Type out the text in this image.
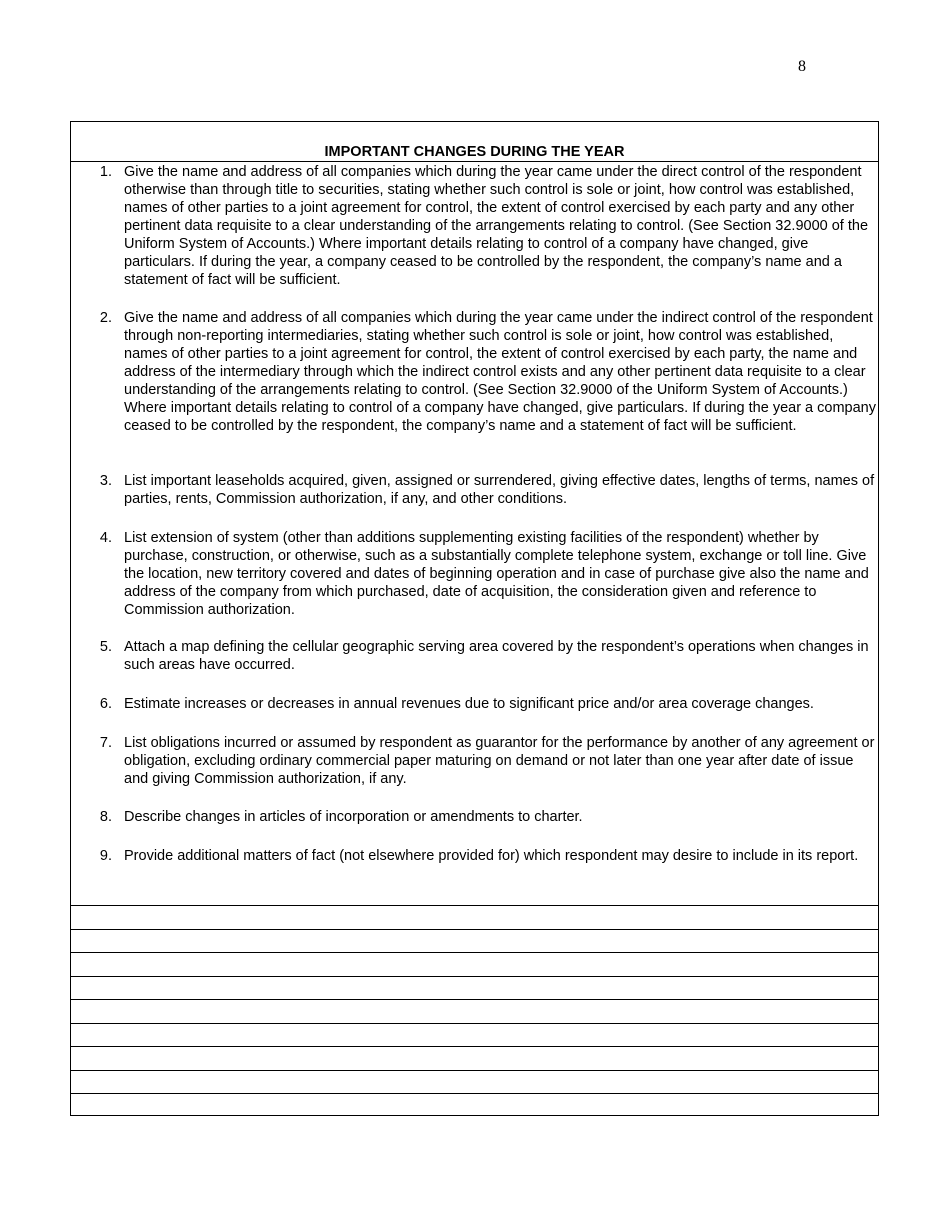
8
IMPORTANT CHANGES DURING THE YEAR
1. Give the name and address of all companies which during the year came under the direct control of the respondent otherwise than through title to securities, stating whether such control is sole or joint, how control was established, names of other parties to a joint agreement for control, the extent of control exercised by each party and any other pertinent data requisite to a clear understanding of the arrangements relating to control. (See Section 32.9000 of the Uniform System of Accounts.) Where important details relating to control of a company have changed, give particulars. If during the year, a company ceased to be controlled by the respondent, the company’s name and a statement of fact will be sufficient.
2. Give the name and address of all companies which during the year came under the indirect control of the respondent through non-reporting intermediaries, stating whether such control is sole or joint, how control was established, names of other parties to a joint agreement for control, the extent of control exercised by each party, the name and address of the intermediary through which the indirect control exists and any other pertinent data requisite to a clear understanding of the arrangements relating to control. (See Section 32.9000 of the Uniform System of Accounts.) Where important details relating to control of a company have changed, give particulars. If during the year a company ceased to be controlled by the respondent, the company’s name and a statement of fact will be sufficient.
3. List important leaseholds acquired, given, assigned or surrendered, giving effective dates, lengths of terms, names of parties, rents, Commission authorization, if any, and other conditions.
4. List extension of system (other than additions supplementing existing facilities of the respondent) whether by purchase, construction, or otherwise, such as a substantially complete telephone system, exchange or toll line. Give the location, new territory covered and dates of beginning operation and in case of purchase give also the name and address of the company from which purchased, date of acquisition, the consideration given and reference to Commission authorization.
5. Attach a map defining the cellular geographic serving area covered by the respondent’s operations when changes in such areas have occurred.
6. Estimate increases or decreases in annual revenues due to significant price and/or area coverage changes.
7. List obligations incurred or assumed by respondent as guarantor for the performance by another of any agreement or obligation, excluding ordinary commercial paper maturing on demand or not later than one year after date of issue and giving Commission authorization, if any.
8. Describe changes in articles of incorporation or amendments to charter.
9. Provide additional matters of fact (not elsewhere provided for) which respondent may desire to include in its report.
